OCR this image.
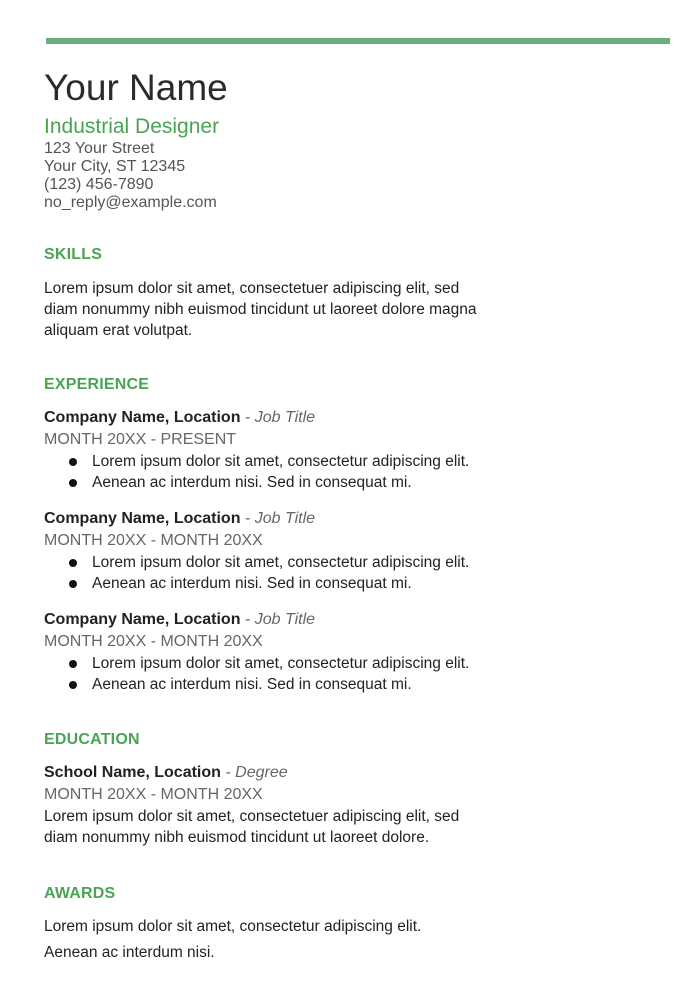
Your Name
Industrial Designer
123 Your Street
Your City, ST 12345
(123) 456-7890
no_reply@example.com
SKILLS
Lorem ipsum dolor sit amet, consectetuer adipiscing elit, sed
diam nonummy nibh euismod tincidunt ut laoreet dolore magna
aliquam erat volutpat.
EXPERIENCE
Company Name, Location - Job Title
MONTH 20XX - PRESENT
Lorem ipsum dolor sit amet, consectetur adipiscing elit.
Aenean ac interdum nisi. Sed in consequat mi.
Company Name, Location - Job Title
MONTH 20XX - MONTH 20XX
Lorem ipsum dolor sit amet, consectetur adipiscing elit.
Aenean ac interdum nisi. Sed in consequat mi.
Company Name, Location - Job Title
MONTH 20XX - MONTH 20XX
Lorem ipsum dolor sit amet, consectetur adipiscing elit.
Aenean ac interdum nisi. Sed in consequat mi.
EDUCATION
School Name, Location - Degree
MONTH 20XX - MONTH 20XX
Lorem ipsum dolor sit amet, consectetuer adipiscing elit, sed
diam nonummy nibh euismod tincidunt ut laoreet dolore.
AWARDS
Lorem ipsum dolor sit amet, consectetur adipiscing elit.
Aenean ac interdum nisi.
